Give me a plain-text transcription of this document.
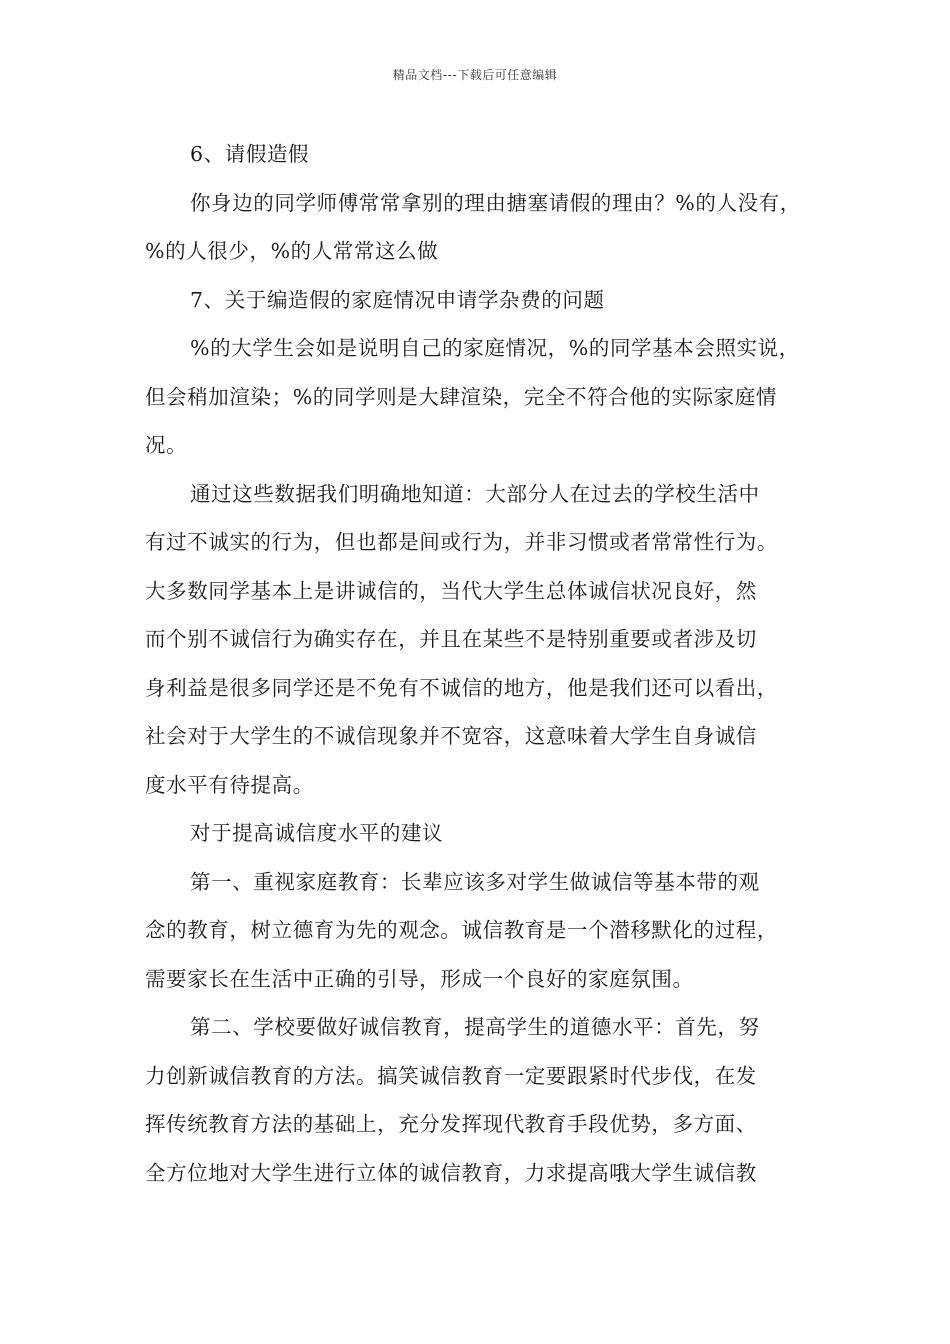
精品文档---下载后可任意编辑
6、请假造假
你身边的同学师傅常常拿别的理由搪塞请假的理由？%的人没有，
%的人很少，%的人常常这么做
7、关于编造假的家庭情况申请学杂费的问题
%的大学生会如是说明自己的家庭情况，%的同学基本会照实说，
但会稍加渲染；%的同学则是大肆渲染，完全不符合他的实际家庭情
况。
通过这些数据我们明确地知道：大部分人在过去的学校生活中
有过不诚实的行为，但也都是间或行为，并非习惯或者常常性行为。
大多数同学基本上是讲诚信的，当代大学生总体诚信状况良好，然
而个别不诚信行为确实存在，并且在某些不是特别重要或者涉及切
身利益是很多同学还是不免有不诚信的地方，他是我们还可以看出，
社会对于大学生的不诚信现象并不宽容，这意味着大学生自身诚信
度水平有待提高。
对于提高诚信度水平的建议
第一、重视家庭教育：长辈应该多对学生做诚信等基本带的观
念的教育，树立德育为先的观念。诚信教育是一个潜移默化的过程，
需要家长在生活中正确的引导，形成一个良好的家庭氛围。
第二、学校要做好诚信教育，提高学生的道德水平：首先，努
力创新诚信教育的方法。搞笑诚信教育一定要跟紧时代步伐，在发
挥传统教育方法的基础上，充分发挥现代教育手段优势，多方面、
全方位地对大学生进行立体的诚信教育，力求提高哦大学生诚信教
